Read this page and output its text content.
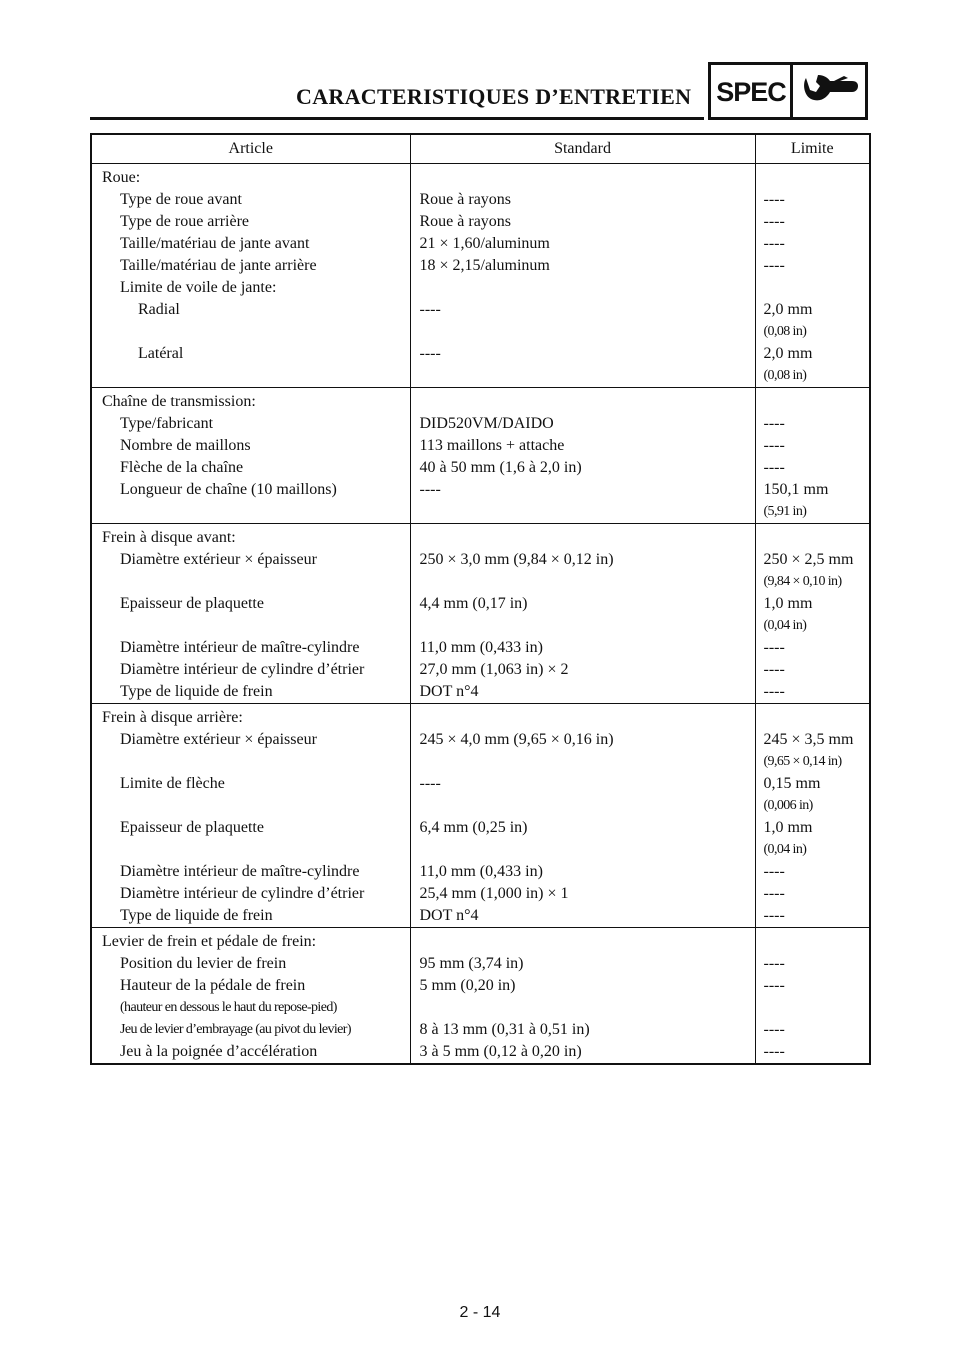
CARACTERISTIQUES D’ENTRETIEN SPEC
Article	Standard	Limite
Roue:		

Type de roue avant	Roue à rayons	----

Type de roue arrière	Roue à rayons	----

Taille/matériau de jante avant	21 × 1,60/aluminum	----

Taille/matériau de jante arrière	18 × 2,15/aluminum	----

Limite de voile de jante:		

Radial	----	2,0 mm
(0,08 in)

Latéral	----	2,0 mm
(0,08 in)

Chaîne de transmission:		

Type/fabricant	DID520VM/DAIDO	----

Nombre de maillons	113 maillons + attache	----

Flèche de la chaîne	40 à 50 mm (1,6 à 2,0 in)	----

Longueur de chaîne (10 maillons)	----	150,1 mm
(5,91 in)

Frein à disque avant:		

Diamètre extérieur × épaisseur	250 × 3,0 mm (9,84 × 0,12 in)	250 × 2,5 mm
(9,84 × 0,10 in)

Epaisseur de plaquette	4,4 mm (0,17 in)	1,0 mm
(0,04 in)

Diamètre intérieur de maître-cylindre	11,0 mm (0,433 in)	----

Diamètre intérieur de cylindre d’étrier	27,0 mm (1,063 in) × 2	----

Type de liquide de frein	DOT n°4	----

Frein à disque arrière:		

Diamètre extérieur × épaisseur	245 × 4,0 mm (9,65 × 0,16 in)	245 × 3,5 mm
(9,65 × 0,14 in)

Limite de flèche	----	0,15 mm
(0,006 in)

Epaisseur de plaquette	6,4 mm (0,25 in)	1,0 mm
(0,04 in)

Diamètre intérieur de maître-cylindre	11,0 mm (0,433 in)	----

Diamètre intérieur de cylindre d’étrier	25,4 mm (1,000 in) × 1	----

Type de liquide de frein	DOT n°4	----

Levier de frein et pédale de frein:		

Position du levier de frein	95 mm (3,74 in)	----

Hauteur de la pédale de frein
(hauteur en dessous le haut du repose-pied)	5 mm (0,20 in)	----

Jeu de levier d’embrayage (au pivot du levier)	8 à 13 mm (0,31 à 0,51 in)	----

Jeu à la poignée d’accélération	3 à 5 mm (0,12 à 0,20 in)	----
2 - 14
